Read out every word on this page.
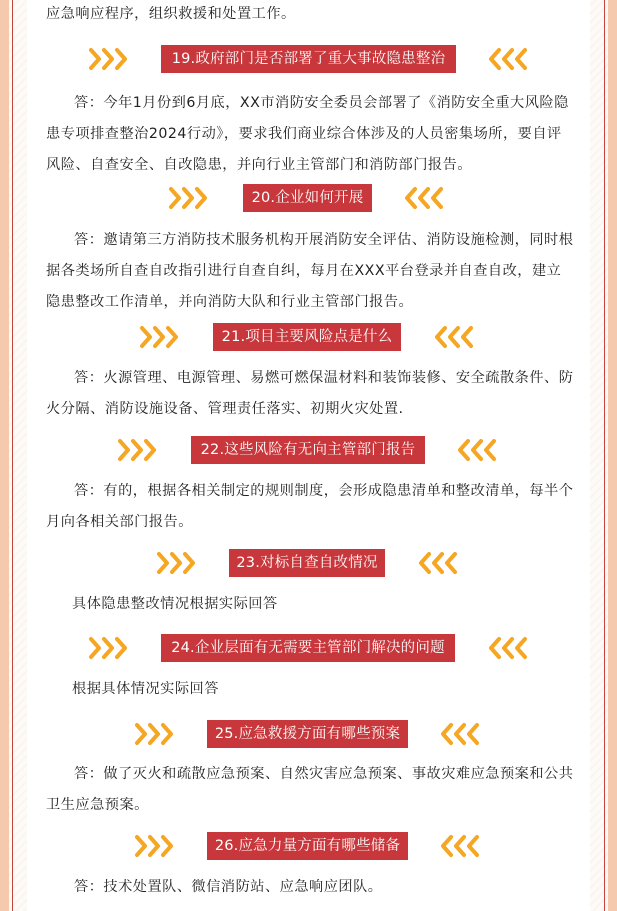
应急响应程序，组织救援和处置工作。

19.政府部门是否部署了重大事故隐患整治

答：今年1月份到6月底，XX市消防安全委员会部署了《消防安全重大风险隐患专项排查整治2024行动》，要求我们商业综合体涉及的人员密集场所，要自评风险、自查安全、自改隐患，并向行业主管部门和消防部门报告。

20.企业如何开展

答：邀请第三方消防技术服务机构开展消防安全评估、消防设施检测，同时根据各类场所自查自改指引进行自查自纠，每月在XXX平台登录并自查自改，建立隐患整改工作清单，并向消防大队和行业主管部门报告。

21.项目主要风险点是什么

答：火源管理、电源管理、易燃可燃保温材料和装饰装修、安全疏散条件、防火分隔、消防设施设备、管理责任落实、初期火灾处置.

22.这些风险有无向主管部门报告

答：有的，根据各相关制定的规则制度，会形成隐患清单和整改清单，每半个月向各相关部门报告。

23.对标自查自改情况

具体隐患整改情况根据实际回答

24.企业层面有无需要主管部门解决的问题

根据具体情况实际回答

25.应急救援方面有哪些预案

答：做了灭火和疏散应急预案、自然灾害应急预案、事故灾难应急预案和公共卫生应急预案。

26.应急力量方面有哪些储备

答：技术处置队、微信消防站、应急响应团队。
